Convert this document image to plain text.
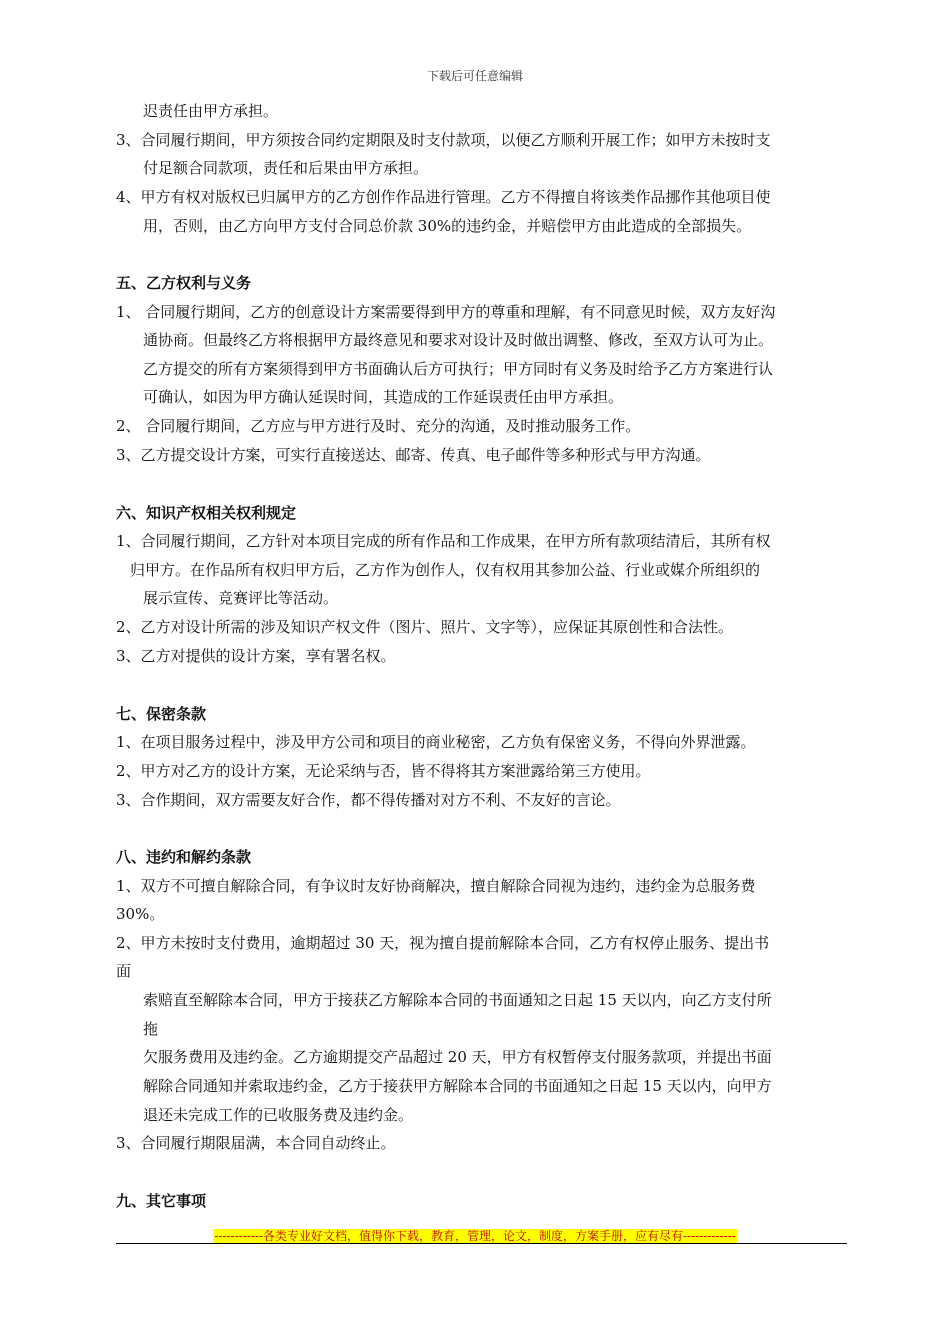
下载后可任意编辑
迟责任由甲方承担。
3、合同履行期间，甲方须按合同约定期限及时支付款项，以便乙方顺利开展工作；如甲方未按时支
付足额合同款项，责任和后果由甲方承担。
4、甲方有权对版权已归属甲方的乙方创作作品进行管理。乙方不得擅自将该类作品挪作其他项目使
用，否则，由乙方向甲方支付合同总价款 30%的违约金，并赔偿甲方由此造成的全部损失。
五、乙方权利与义务
1、 合同履行期间，乙方的创意设计方案需要得到甲方的尊重和理解，有不同意见时候，双方友好沟
通协商。但最终乙方将根据甲方最终意见和要求对设计及时做出调整、修改，至双方认可为止。
乙方提交的所有方案须得到甲方书面确认后方可执行；甲方同时有义务及时给予乙方方案进行认
可确认，如因为甲方确认延误时间，其造成的工作延误责任由甲方承担。
2、 合同履行期间，乙方应与甲方进行及时、充分的沟通，及时推动服务工作。
3、乙方提交设计方案，可实行直接送达、邮寄、传真、电子邮件等多种形式与甲方沟通。
六、知识产权相关权利规定
1、合同履行期间，乙方针对本项目完成的所有作品和工作成果，在甲方所有款项结清后，其所有权
归甲方。在作品所有权归甲方后，乙方作为创作人，仅有权用其参加公益、行业或媒介所组织的
展示宣传、竞赛评比等活动。
2、乙方对设计所需的涉及知识产权文件（图片、照片、文字等），应保证其原创性和合法性。
3、乙方对提供的设计方案，享有署名权。
七、保密条款
1、在项目服务过程中，涉及甲方公司和项目的商业秘密，乙方负有保密义务，不得向外界泄露。
2、甲方对乙方的设计方案，无论采纳与否，皆不得将其方案泄露给第三方使用。
3、合作期间，双方需要友好合作，都不得传播对对方不利、不友好的言论。
八、违约和解约条款
1、双方不可擅自解除合同，有争议时友好协商解决，擅自解除合同视为违约，违约金为总服务费
30%。
2、甲方未按时支付费用，逾期超过 30 天，视为擅自提前解除本合同，乙方有权停止服务、提出书
面
索赔直至解除本合同，甲方于接获乙方解除本合同的书面通知之日起 15 天以内，向乙方支付所
拖
欠服务费用及违约金。乙方逾期提交产品超过 20 天，甲方有权暂停支付服务款项，并提出书面
解除合同通知并索取违约金，乙方于接获甲方解除本合同的书面通知之日起 15 天以内，向甲方
退还未完成工作的已收服务费及违约金。
3、合同履行期限届满，本合同自动终止。
九、其它事项
------------各类专业好文档，值得你下载，教育，管理，论文，制度，方案手册，应有尽有-------------
